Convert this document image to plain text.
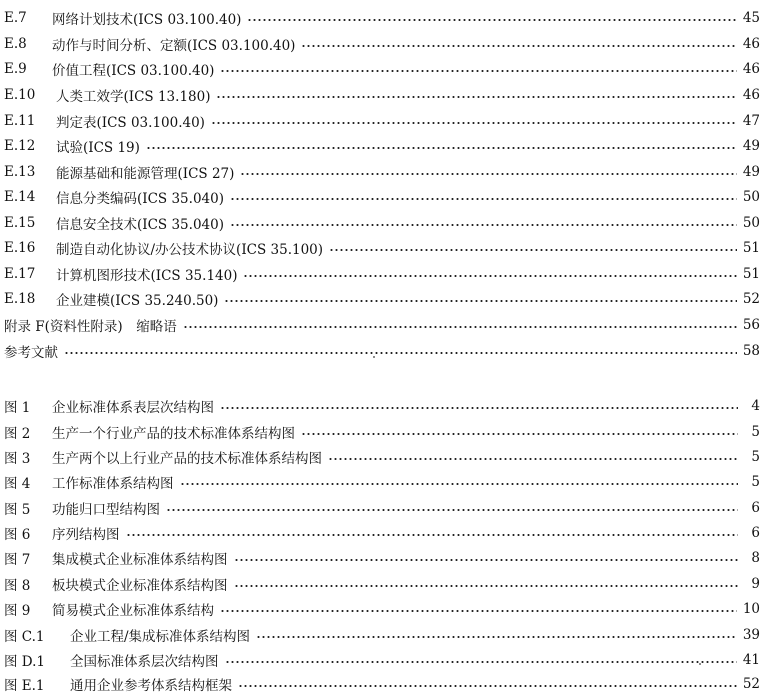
E.7	网络计划技术(ICS 03.100.40)	45
E.8	动作与时间分析、定额(ICS 03.100.40)	46
E.9	价值工程(ICS 03.100.40)	46
E.10	人类工效学(ICS 13.180)	46
E.11	判定表(ICS 03.100.40)	47
E.12	试验(ICS 19)	49
E.13	能源基础和能源管理(ICS 27)	49
E.14	信息分类编码(ICS 35.040)	50
E.15	信息安全技术(ICS 35.040)	50
E.16	制造自动化协议/办公技术协议(ICS 35.100)	51
E.17	计算机图形技术(ICS 35.140)	51
E.18	企业建模(ICS 35.240.50)	52
附录 F(资料性附录)　缩略语	56
参考文献	58
图 1	企业标准体系表层次结构图	4
图 2	生产一个行业产品的技术标准体系结构图	5
图 3	生产两个以上行业产品的技术标准体系结构图	5
图 4	工作标准体系结构图	5
图 5	功能归口型结构图	6
图 6	序列结构图	6
图 7	集成模式企业标准体系结构图	8
图 8	板块模式企业标准体系结构图	9
图 9	简易模式企业标准体系结构	10
图 C.1	企业工程/集成标准体系结构图	39
图 D.1	全国标准体系层次结构图	41
图 E.1	通用企业参考体系结构框架	52
